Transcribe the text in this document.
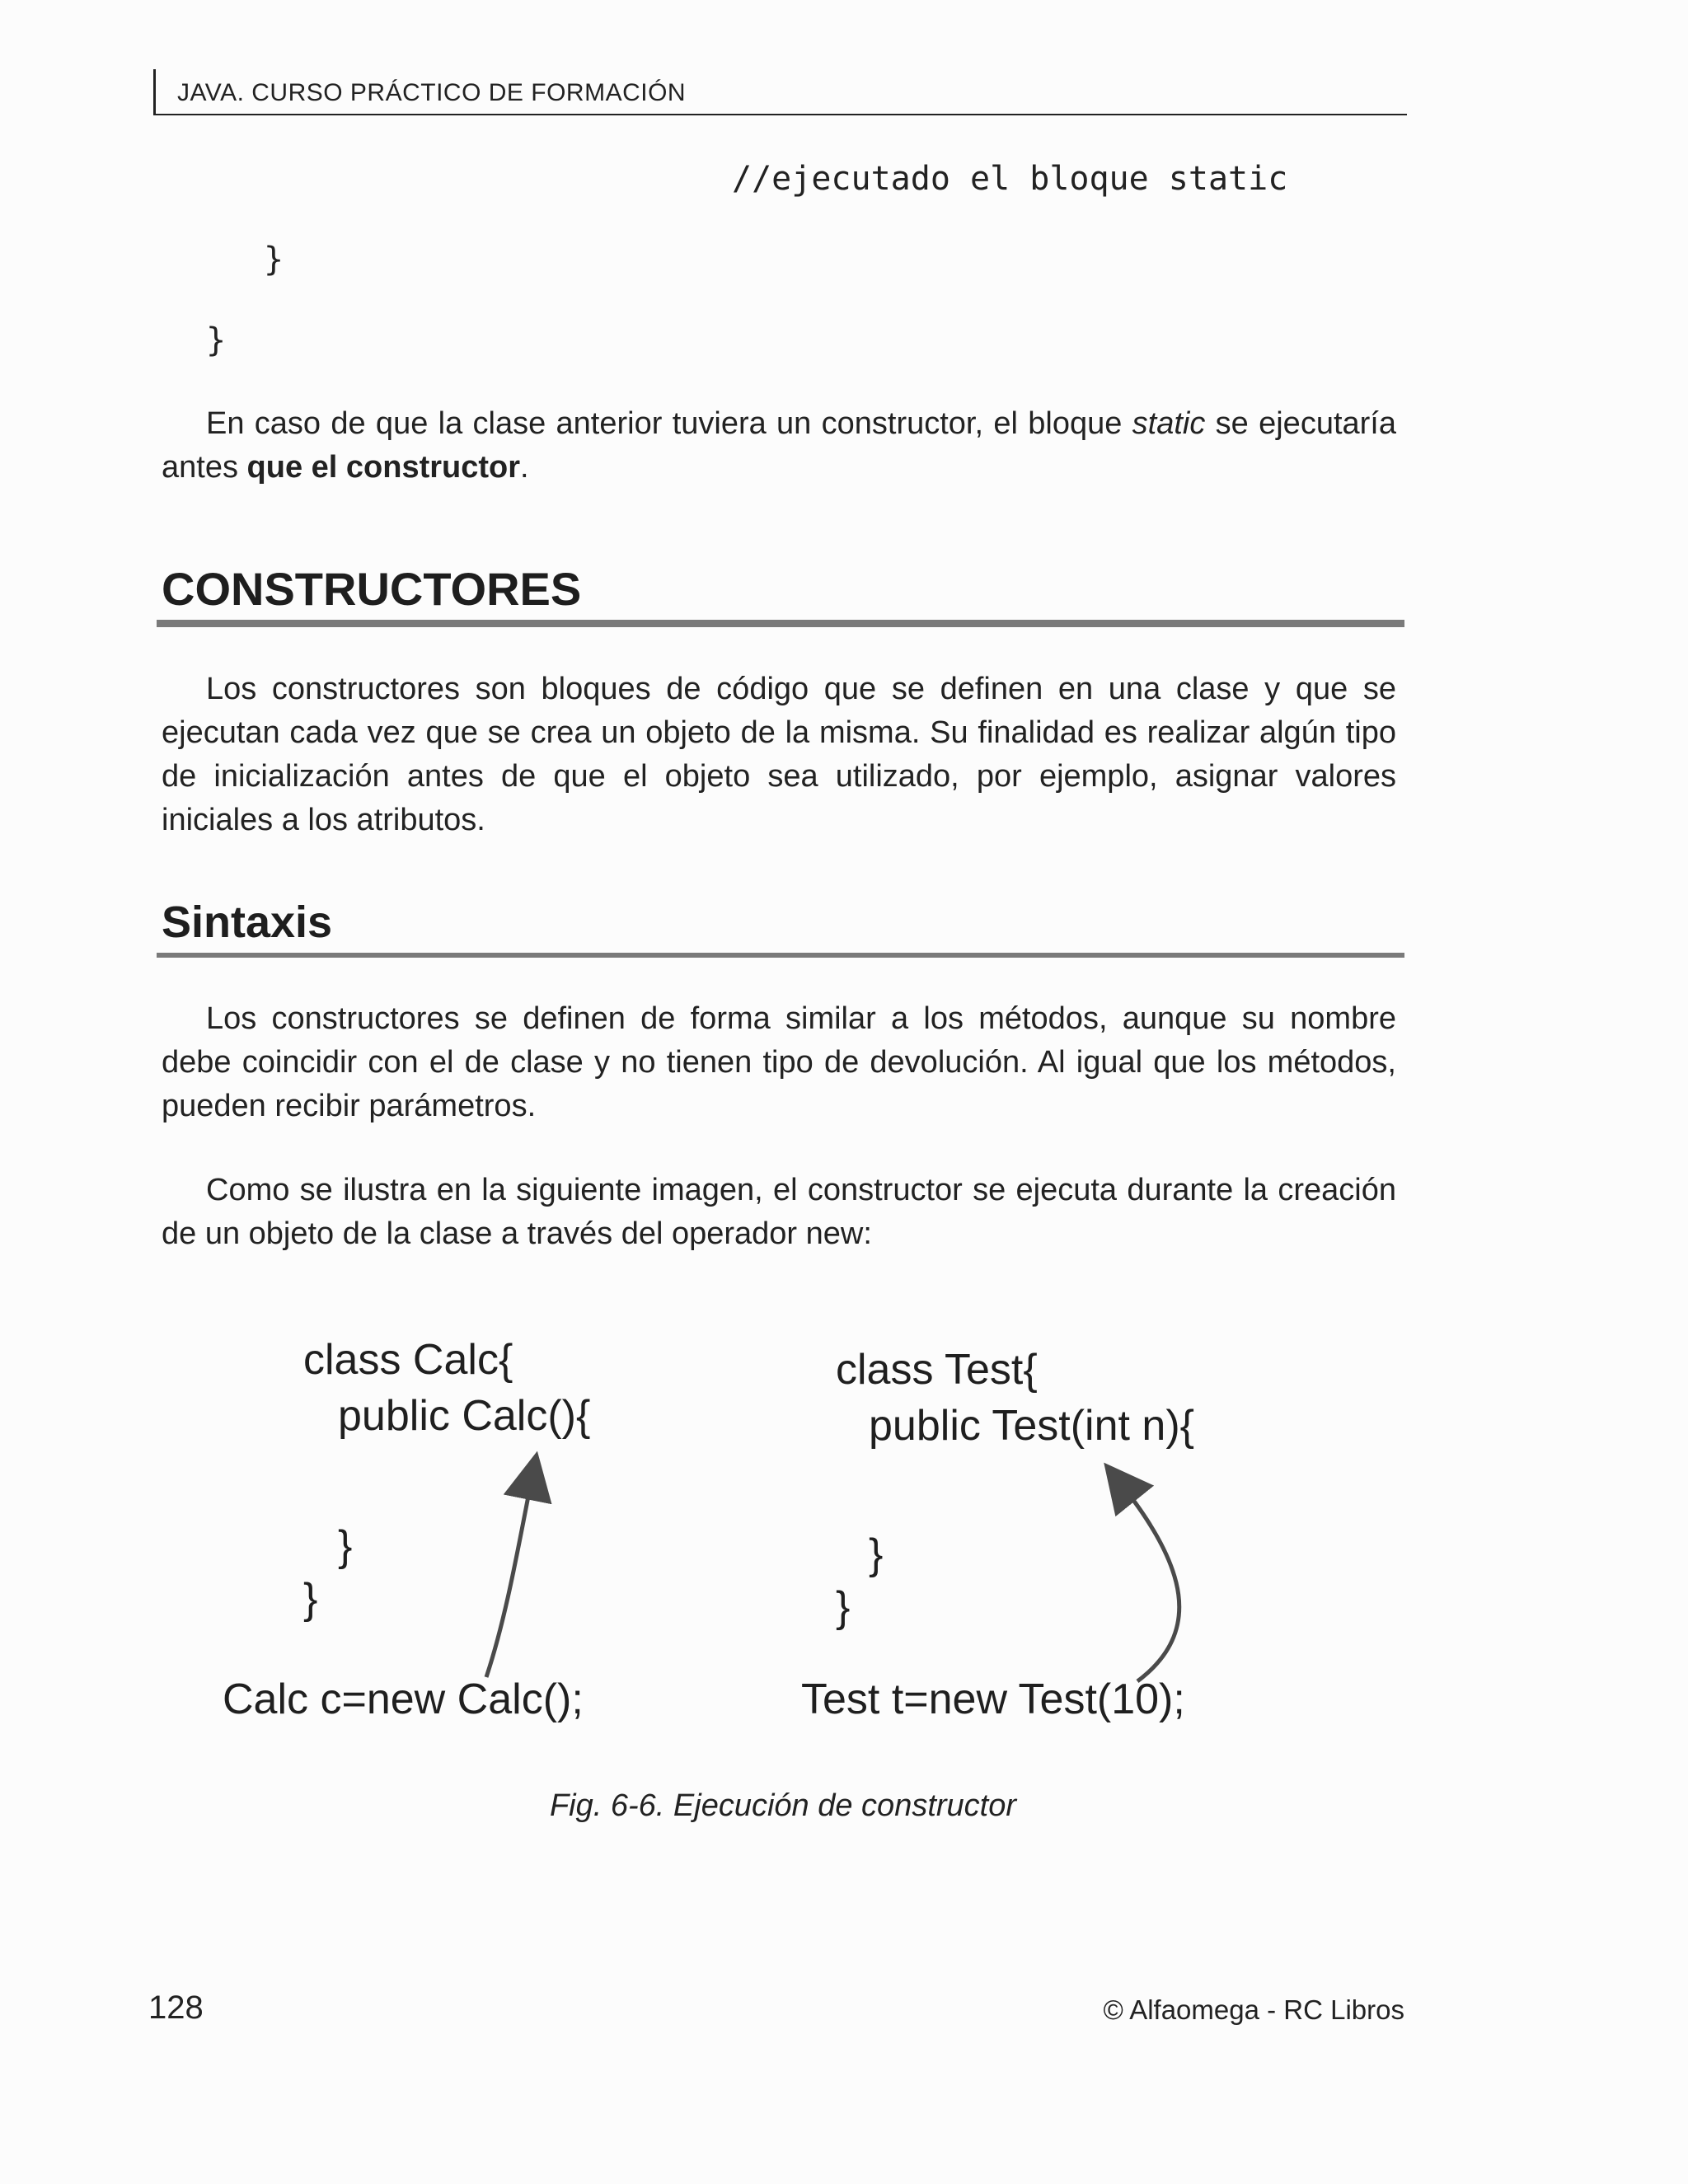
JAVA. CURSO PRÁCTICO DE FORMACIÓN
//ejecutado el bloque static
}
}
En caso de que la clase anterior tuviera un constructor, el bloque static se ejecutaría antes que el constructor.
CONSTRUCTORES
Los constructores son bloques de código que se definen en una clase y que se ejecutan cada vez que se crea un objeto de la misma. Su finalidad es realizar algún tipo de inicialización antes de que el objeto sea utilizado, por ejemplo, asignar valores iniciales a los atributos.
Sintaxis
Los constructores se definen de forma similar a los métodos, aunque su nombre debe coincidir con el de clase y no tienen tipo de devolución. Al igual que los métodos, pueden recibir parámetros.
Como se ilustra en la siguiente imagen, el constructor se ejecuta durante la creación de un objeto de la clase a través del operador new:
class Calc{
public Calc(){
}
}
Calc c=new Calc();
class Test{
public Test(int n){
}
}
Test t=new Test(10);
Fig. 6-6. Ejecución de constructor
128	© Alfaomega - RC Libros
